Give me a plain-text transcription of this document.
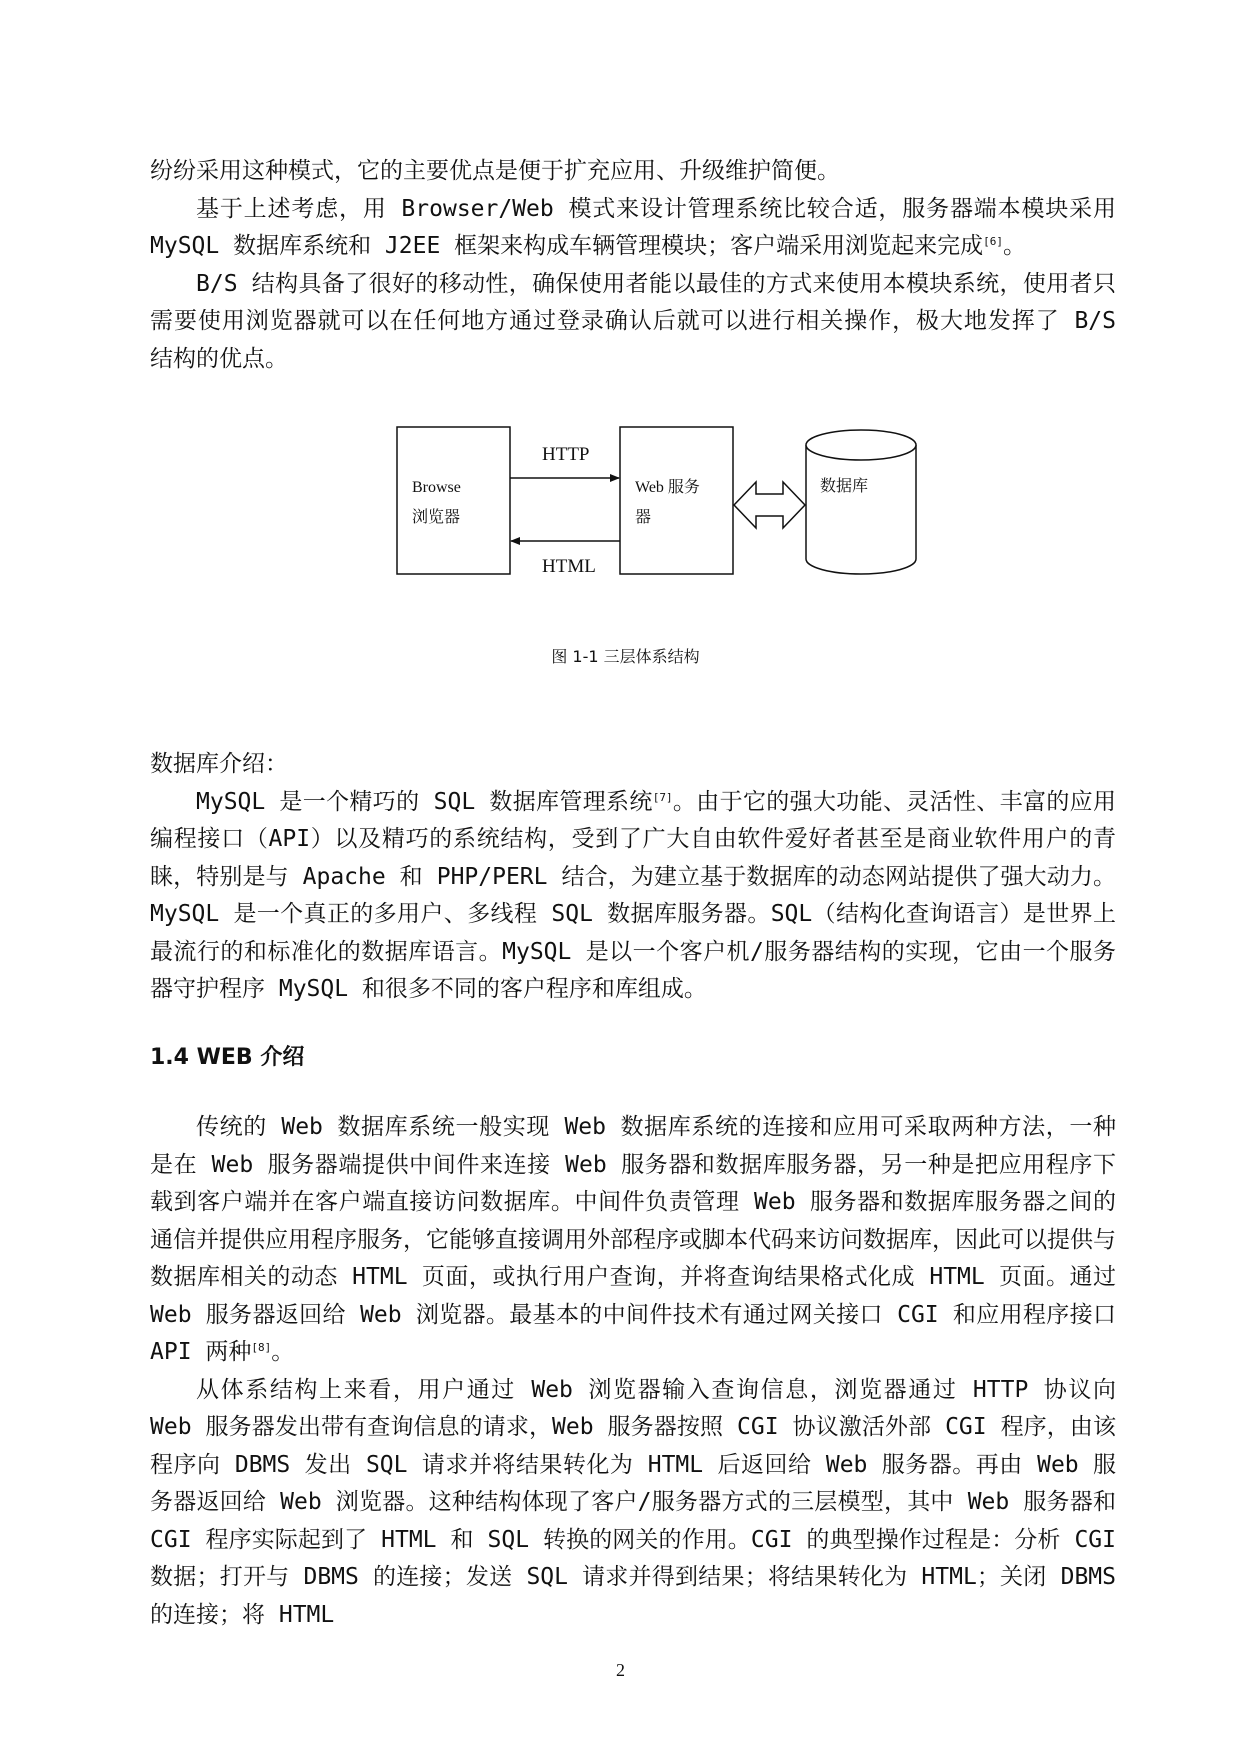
纷纷采用这种模式，它的主要优点是便于扩充应用、升级维护简便。

基于上述考虑，用 Browser/Web 模式来设计管理系统比较合适，服务器端本模块采用 MySQL 数据库系统和 J2EE 框架来构成车辆管理模块；客户端采用浏览起来完成[6]。

B/S 结构具备了很好的移动性，确保使用者能以最佳的方式来使用本模块系统，使用者只需要使用浏览器就可以在任何地方通过登录确认后就可以进行相关操作，极大地发挥了 B/S 结构的优点。

Browse
浏览器
Web 服务
器
HTTP
HTML
数据库

图 1-1 三层体系结构

数据库介绍：

MySQL 是一个精巧的 SQL 数据库管理系统[7]。由于它的强大功能、灵活性、丰富的应用编程接口（API）以及精巧的系统结构，受到了广大自由软件爱好者甚至是商业软件用户的青睐，特别是与 Apache 和 PHP/PERL 结合，为建立基于数据库的动态网站提供了强大动力。MySQL 是一个真正的多用户、多线程 SQL 数据库服务器。SQL（结构化查询语言）是世界上最流行的和标准化的数据库语言。MySQL 是以一个客户机/服务器结构的实现，它由一个服务器守护程序 MySQL 和很多不同的客户程序和库组成。

1.4 WEB 介绍

传统的 Web 数据库系统一般实现 Web 数据库系统的连接和应用可采取两种方法，一种是在 Web 服务器端提供中间件来连接 Web 服务器和数据库服务器，另一种是把应用程序下载到客户端并在客户端直接访问数据库。中间件负责管理 Web 服务器和数据库服务器之间的通信并提供应用程序服务，它能够直接调用外部程序或脚本代码来访问数据库，因此可以提供与数据库相关的动态 HTML 页面，或执行用户查询，并将查询结果格式化成 HTML 页面。通过 Web 服务器返回给 Web 浏览器。最基本的中间件技术有通过网关接口 CGI 和应用程序接口 API 两种[8]。

从体系结构上来看，用户通过 Web 浏览器输入查询信息，浏览器通过 HTTP 协议向 Web 服务器发出带有查询信息的请求，Web 服务器按照 CGI 协议激活外部 CGI 程序，由该程序向 DBMS 发出 SQL 请求并将结果转化为 HTML 后返回给 Web 服务器。再由 Web 服务器返回给 Web 浏览器。这种结构体现了客户/服务器方式的三层模型，其中 Web 服务器和 CGI 程序实际起到了 HTML 和 SQL 转换的网关的作用。CGI 的典型操作过程是：分析 CGI 数据；打开与 DBMS 的连接；发送 SQL 请求并得到结果；将结果转化为 HTML；关闭 DBMS 的连接；将 HTML

2
